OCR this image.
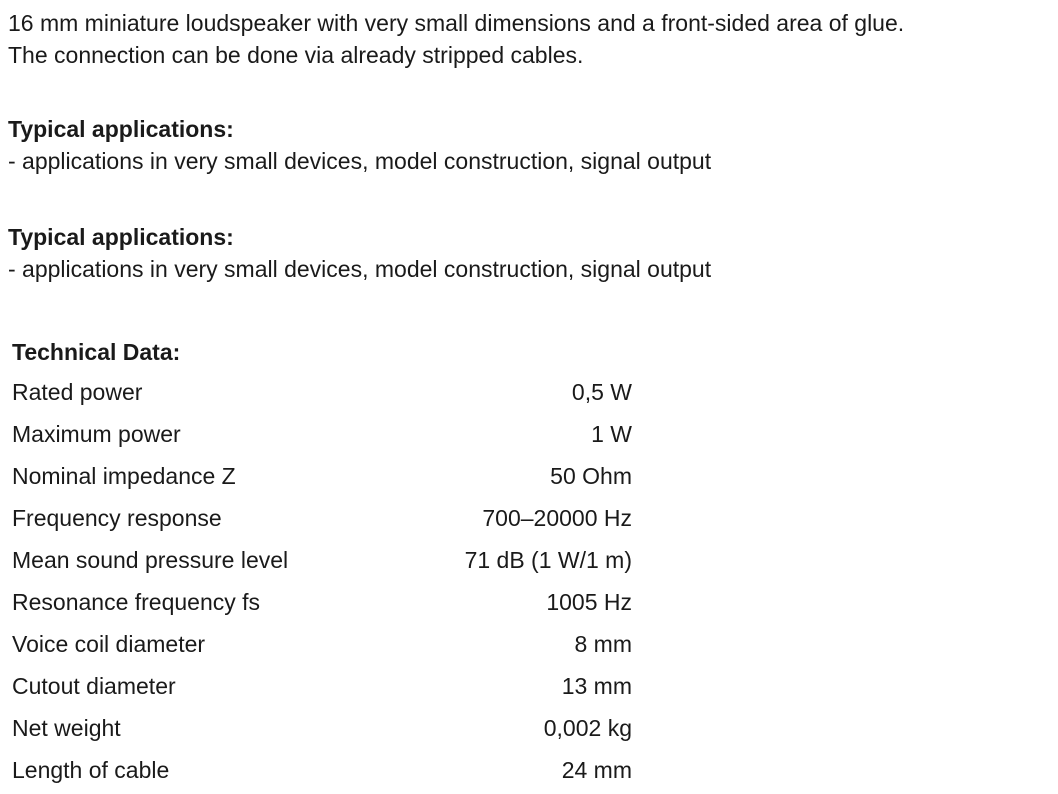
16 mm miniature loudspeaker with very small dimensions and a front-sided area of glue.
The connection can be done via already stripped cables.
Typical applications:
- applications in very small devices, model construction, signal output
Typical applications:
- applications in very small devices, model construction, signal output
Technical Data:
Rated power	0,5 W
Maximum power	1 W
Nominal impedance Z	50 Ohm
Frequency response	700–20000 Hz
Mean sound pressure level	71 dB (1 W/1 m)
Resonance frequency fs	1005 Hz
Voice coil diameter	8 mm
Cutout diameter	13 mm
Net weight	0,002 kg
Length of cable	24 mm
